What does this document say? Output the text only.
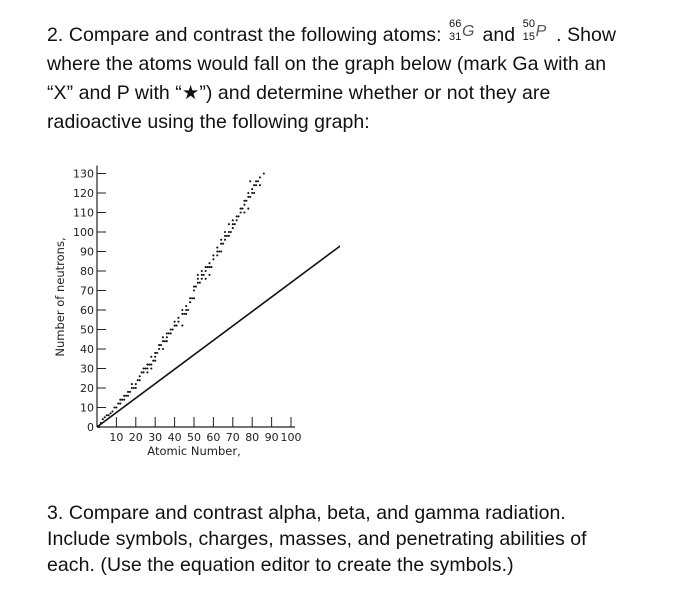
2. Compare and contrast the following atoms: 66
31 G and 50
15 P . Show
where the atoms would fall on the graph below (mark Ga with an
“X” and P with “★”) and determine whether or not they are
radioactive using the following graph:
0
10
20
30
40
50
60
70
80
90
100
110
120
130
10 20 30 40 50 60 70 80 90 100
Number of neutrons,
Atomic Number,
3. Compare and contrast alpha, beta, and gamma radiation.
Include symbols, charges, masses, and penetrating abilities of
each. (Use the equation editor to create the symbols.)
